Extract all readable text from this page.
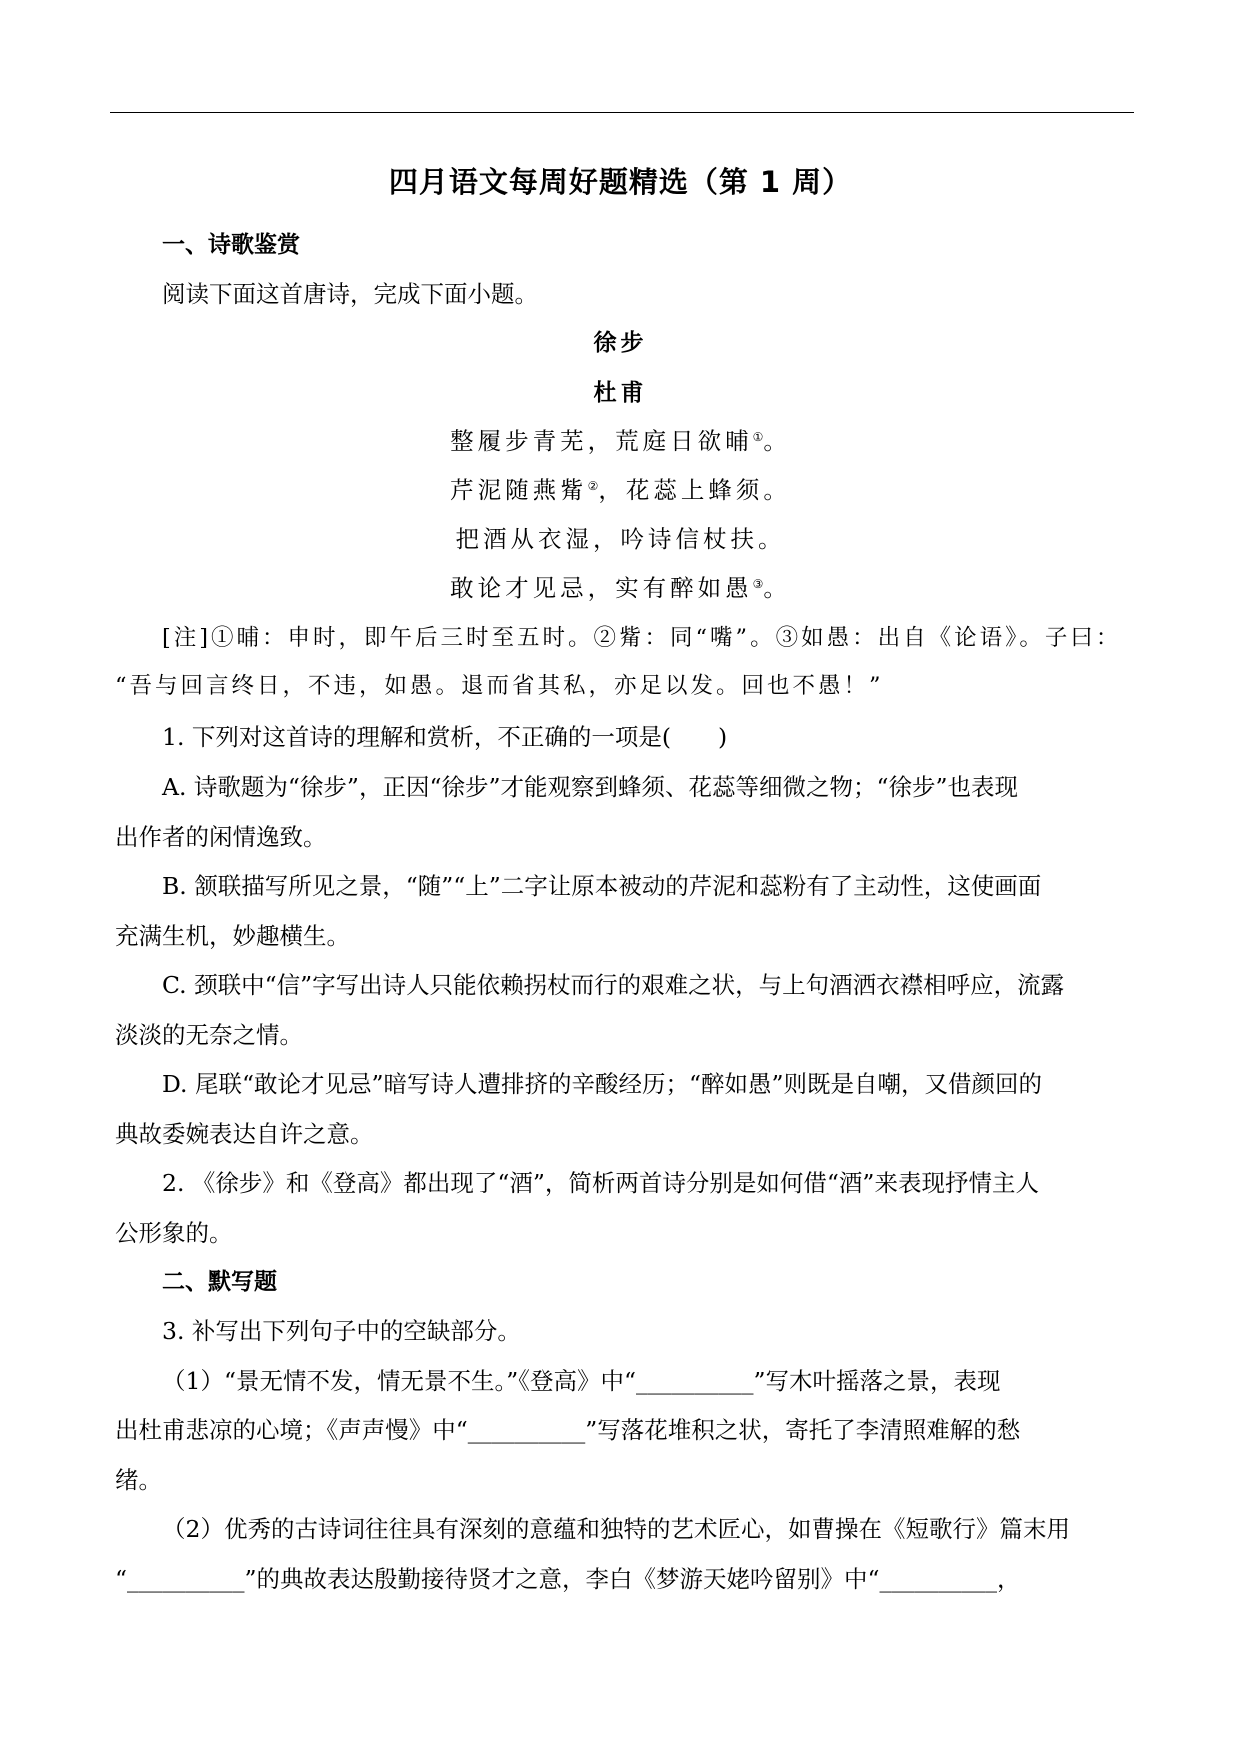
四月语文每周好题精选（第 1 周）
一、诗歌鉴赏
阅读下面这首唐诗，完成下面小题。
徐步
杜甫
整履步青芜，荒庭日欲晡①。
芹泥随燕觜②，花蕊上蜂须。
把酒从衣湿，吟诗信杖扶。
敢论才见忌，实有醉如愚③。
[注]①晡：申时，即午后三时至五时。②觜：同“嘴”。③如愚：出自《论语》。子曰：
“吾与回言终日，不违，如愚。退而省其私，亦足以发。回也不愚！”
1. 下列对这首诗的理解和赏析，不正确的一项是(　　)
A. 诗歌题为“徐步”，正因“徐步”才能观察到蜂须、花蕊等细微之物；“徐步”也表现
出作者的闲情逸致。
B. 颔联描写所见之景，“随”“上”二字让原本被动的芹泥和蕊粉有了主动性，这使画面
充满生机，妙趣横生。
C. 颈联中“信”字写出诗人只能依赖拐杖而行的艰难之状，与上句酒洒衣襟相呼应，流露
淡淡的无奈之情。
D. 尾联“敢论才见忌”暗写诗人遭排挤的辛酸经历；“醉如愚”则既是自嘲，又借颜回的
典故委婉表达自许之意。
2. 《徐步》和《登高》都出现了“酒”，简析两首诗分别是如何借“酒”来表现抒情主人
公形象的。
二、默写题
3. 补写出下列句子中的空缺部分。
（1）“景无情不发，情无景不生。”《登高》中“__________”写木叶摇落之景，表现
出杜甫悲凉的心境；《声声慢》中“__________”写落花堆积之状，寄托了李清照难解的愁
绪。
（2）优秀的古诗词往往具有深刻的意蕴和独特的艺术匠心，如曹操在《短歌行》篇末用
“__________”的典故表达殷勤接待贤才之意，李白《梦游天姥吟留别》中“__________，
